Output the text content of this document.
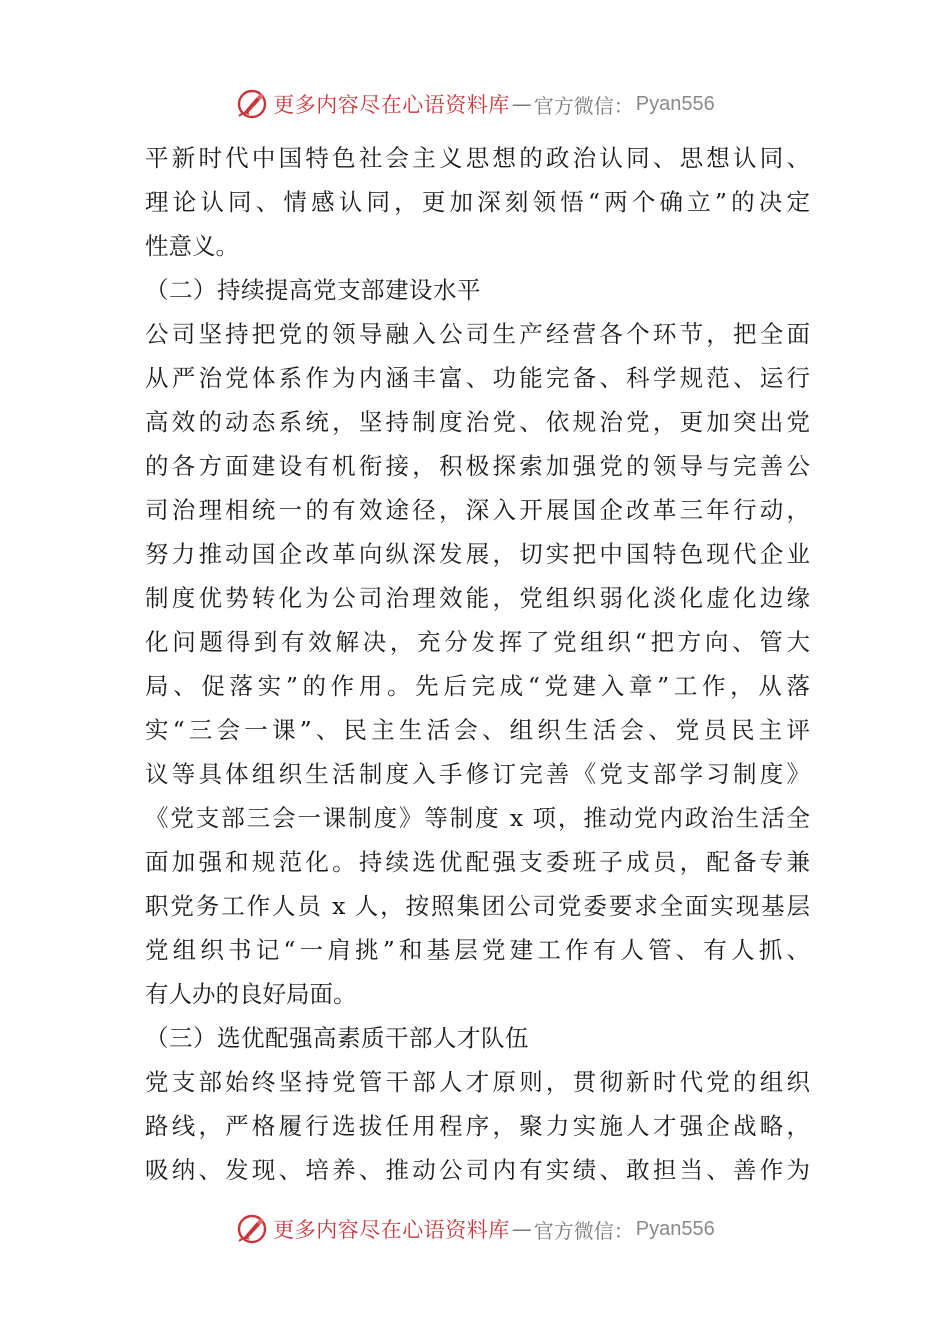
更多内容尽在心语资料库 — 官方微信： Pyan556
平新时代中国特色社会主义思想的政治认同、思想认同、
理论认同、情感认同，更加深刻领悟“两个确立”的决定
性意义。
（二）持续提高党支部建设水平
公司坚持把党的领导融入公司生产经营各个环节，把全面
从严治党体系作为内涵丰富、功能完备、科学规范、运行
高效的动态系统，坚持制度治党、依规治党，更加突出党
的各方面建设有机衔接，积极探索加强党的领导与完善公
司治理相统一的有效途径，深入开展国企改革三年行动，
努力推动国企改革向纵深发展，切实把中国特色现代企业
制度优势转化为公司治理效能，党组织弱化淡化虚化边缘
化问题得到有效解决，充分发挥了党组织“把方向、管大
局、促落实”的作用。先后完成“党建入章”工作，从落
实“三会一课”、民主生活会、组织生活会、党员民主评
议等具体组织生活制度入手修订完善《党支部学习制度》
《党支部三会一课制度》等制度 x 项，推动党内政治生活全
面加强和规范化。持续选优配强支委班子成员，配备专兼
职党务工作人员 x 人，按照集团公司党委要求全面实现基层
党组织书记“一肩挑”和基层党建工作有人管、有人抓、
有人办的良好局面。
（三）选优配强高素质干部人才队伍
党支部始终坚持党管干部人才原则，贯彻新时代党的组织
路线，严格履行选拔任用程序，聚力实施人才强企战略，
吸纳、发现、培养、推动公司内有实绩、敢担当、善作为
更多内容尽在心语资料库 — 官方微信： Pyan556
